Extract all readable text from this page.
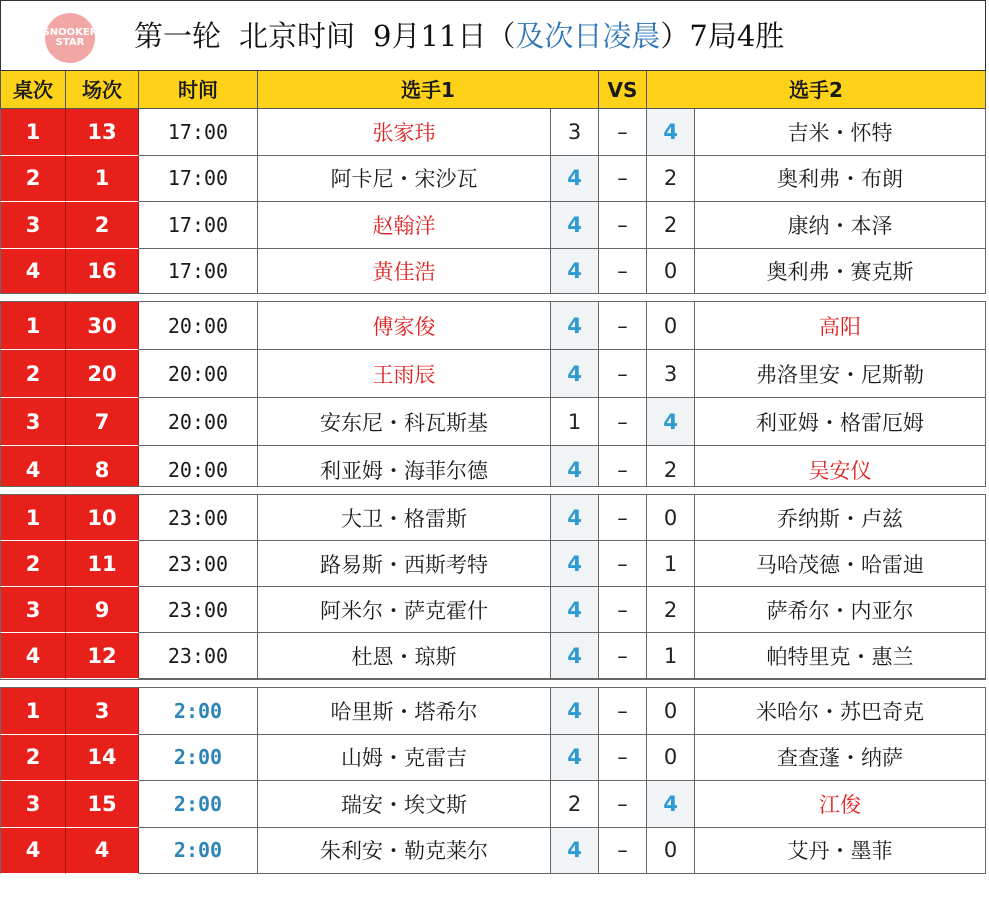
SNOOKER STAR	第一轮 北京时间 9月11日（及次日凌晨）7局4胜
桌次	场次	时间	选手1	VS	选手2
1	13	17:00	张家玮	3	–	4	吉米・怀特
2	1	17:00	阿卡尼・宋沙瓦	4	–	2	奥利弗・布朗
3	2	17:00	赵翰洋	4	–	2	康纳・本泽
4	16	17:00	黄佳浩	4	–	0	奥利弗・赛克斯
1	30	20:00	傅家俊	4	–	0	高阳
2	20	20:00	王雨辰	4	–	3	弗洛里安・尼斯勒
3	7	20:00	安东尼・科瓦斯基	1	–	4	利亚姆・格雷厄姆
4	8	20:00	利亚姆・海菲尔德	4	–	2	吴安仪
1	10	23:00	大卫・格雷斯	4	–	0	乔纳斯・卢兹
2	11	23:00	路易斯・西斯考特	4	–	1	马哈茂德・哈雷迪
3	9	23:00	阿米尔・萨克霍什	4	–	2	萨希尔・内亚尔
4	12	23:00	杜恩・琼斯	4	–	1	帕特里克・惠兰
1	3	2:00	哈里斯・塔希尔	4	–	0	米哈尔・苏巴奇克
2	14	2:00	山姆・克雷吉	4	–	0	查查蓬・纳萨
3	15	2:00	瑞安・埃文斯	2	–	4	江俊
4	4	2:00	朱利安・勒克莱尔	4	–	0	艾丹・墨菲
